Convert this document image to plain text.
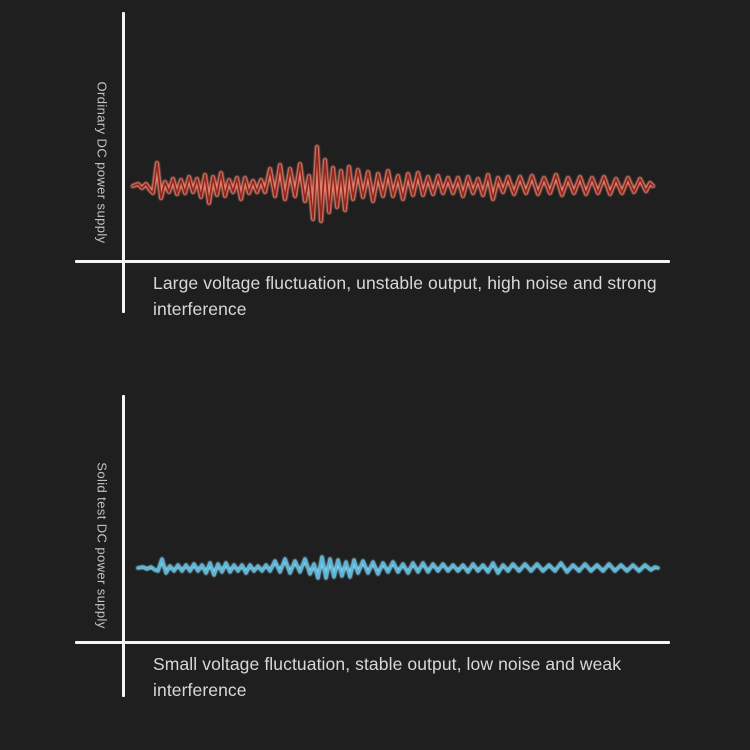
Ordinary DC power supply
Large voltage fluctuation, unstable output, high noise and strong interference
Solid test DC power supply
Small voltage fluctuation, stable output, low noise and weak interference
